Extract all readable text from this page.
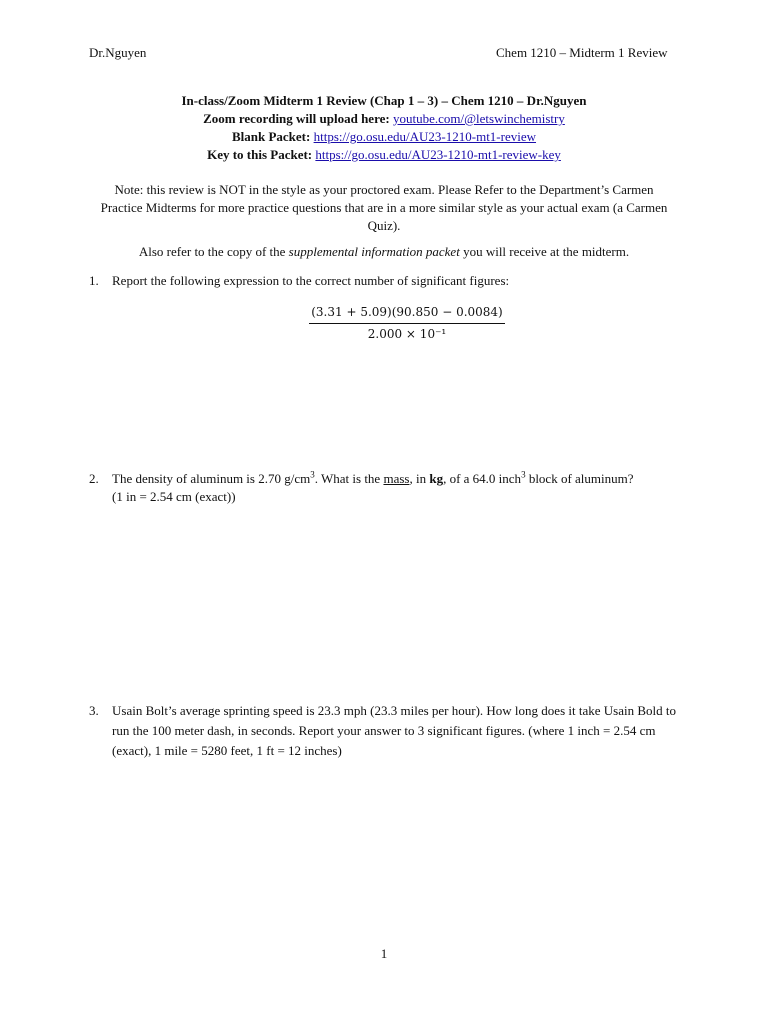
Dr.Nguyen	Chem 1210 – Midterm 1 Review
In-class/Zoom Midterm 1 Review (Chap 1 – 3) – Chem 1210 – Dr.Nguyen
Zoom recording will upload here: youtube.com/@letswinchemistry
Blank Packet: https://go.osu.edu/AU23-1210-mt1-review
Key to this Packet: https://go.osu.edu/AU23-1210-mt1-review-key
Note: this review is NOT in the style as your proctored exam. Please Refer to the Department’s Carmen Practice Midterms for more practice questions that are in a more similar style as your actual exam (a Carmen Quiz).
Also refer to the copy of the supplemental information packet you will receive at the midterm.
1. Report the following expression to the correct number of significant figures:
$\frac{(3.31 + 5.09)(90.850 - 0.0084)}{\text{2.000 × 10⁻¹}}$
2. The density of aluminum is 2.70 $g/cm^3$. What is the mass, in kg, of a 64.0 inch$^3$ block of aluminum?
(1 in = 2.54 cm (exact))
3. Usain Bolt’s average sprinting speed is 23.3 mph (23.3 miles per hour). How long does it take Usain Bold to run the 100 meter dash, in seconds. Report your answer to 3 significant figures. (where 1 inch = 2.54 cm (exact), 1 mile = 5280 feet, 1 ft = 12 inches)
1
